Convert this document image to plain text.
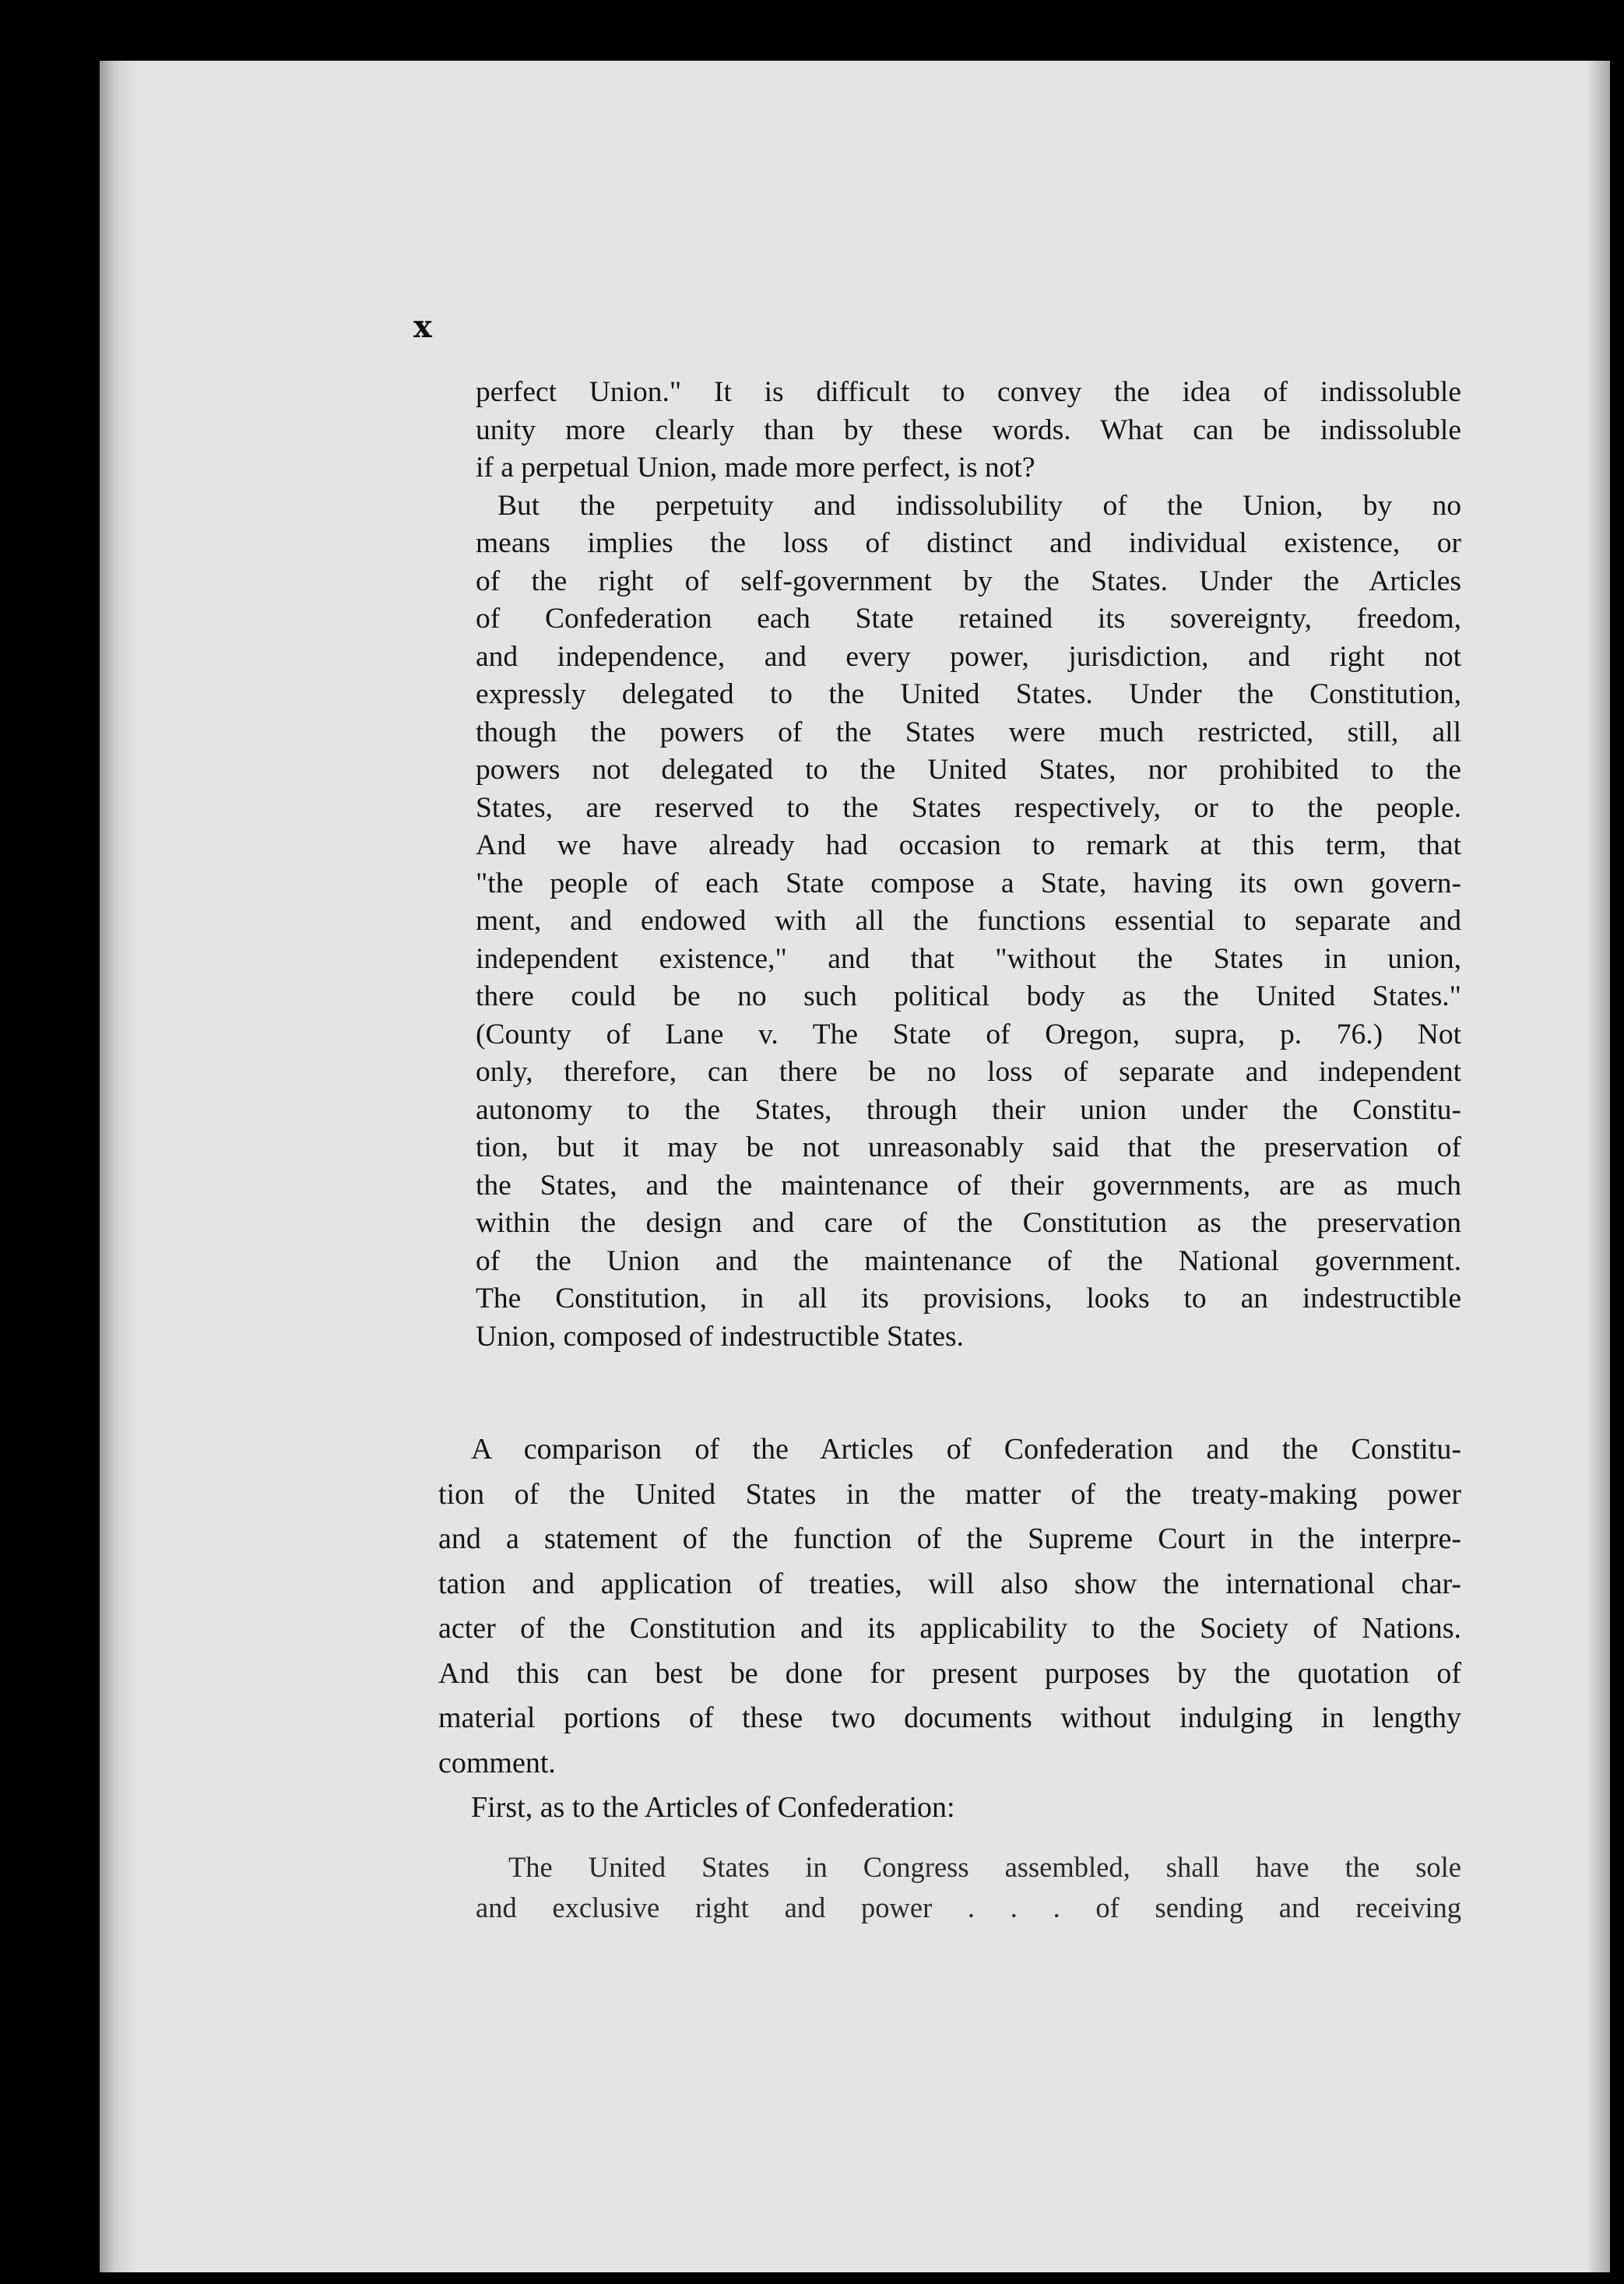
x
perfect Union." It is difficult to convey the idea of indissoluble
unity more clearly than by these words. What can be indissoluble
if a perpetual Union, made more perfect, is not?
But the perpetuity and indissolubility of the Union, by no
means implies the loss of distinct and individual existence, or
of the right of self-government by the States. Under the Articles
of Confederation each State retained its sovereignty, freedom,
and independence, and every power, jurisdiction, and right not
expressly delegated to the United States. Under the Constitution,
though the powers of the States were much restricted, still, all
powers not delegated to the United States, nor prohibited to the
States, are reserved to the States respectively, or to the people.
And we have already had occasion to remark at this term, that
"the people of each State compose a State, having its own govern-
ment, and endowed with all the functions essential to separate and
independent existence," and that "without the States in union,
there could be no such political body as the United States."
(County of Lane v. The State of Oregon, supra, p. 76.) Not
only, therefore, can there be no loss of separate and independent
autonomy to the States, through their union under the Constitu-
tion, but it may be not unreasonably said that the preservation of
the States, and the maintenance of their governments, are as much
within the design and care of the Constitution as the preservation
of the Union and the maintenance of the National government.
The Constitution, in all its provisions, looks to an indestructible
Union, composed of indestructible States.
A comparison of the Articles of Confederation and the Constitu-
tion of the United States in the matter of the treaty-making power
and a statement of the function of the Supreme Court in the interpre-
tation and application of treaties, will also show the international char-
acter of the Constitution and its applicability to the Society of Nations.
And this can best be done for present purposes by the quotation of
material portions of these two documents without indulging in lengthy
comment.
First, as to the Articles of Confederation:
The United States in Congress assembled, shall have the sole
and exclusive right and power . . . of sending and receiving
